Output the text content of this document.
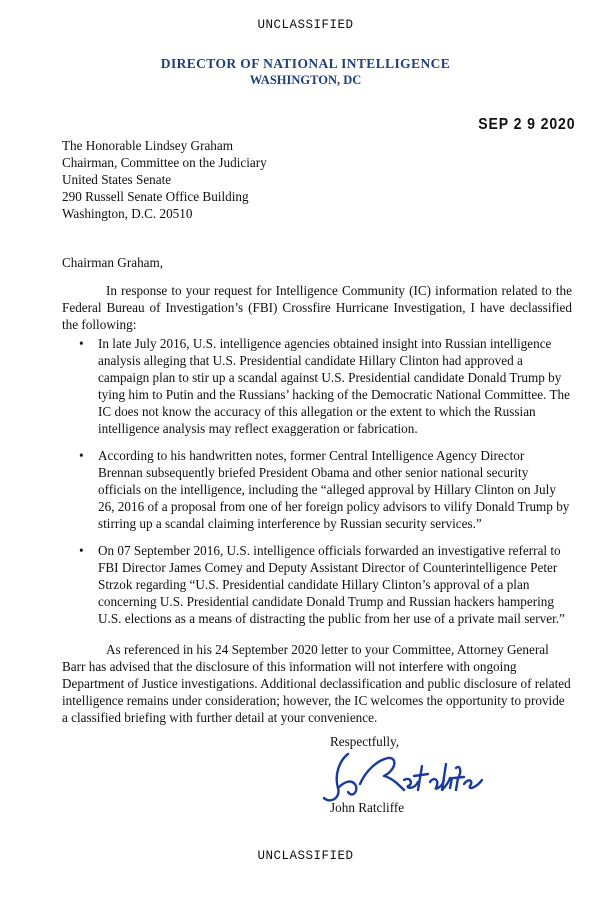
UNCLASSIFIED
DIRECTOR OF NATIONAL INTELLIGENCE
WASHINGTON, DC
SEP 2 9 2020
The Honorable Lindsey Graham
Chairman, Committee on the Judiciary
United States Senate
290 Russell Senate Office Building
Washington, D.C. 20510
Chairman Graham,
In response to your request for Intelligence Community (IC) information related to the Federal Bureau of Investigation’s (FBI) Crossfire Hurricane Investigation, I have declassified the following:
• In late July 2016, U.S. intelligence agencies obtained insight into Russian intelligence analysis alleging that U.S. Presidential candidate Hillary Clinton had approved a campaign plan to stir up a scandal against U.S. Presidential candidate Donald Trump by tying him to Putin and the Russians’ hacking of the Democratic National Committee. The IC does not know the accuracy of this allegation or the extent to which the Russian intelligence analysis may reflect exaggeration or fabrication.
• According to his handwritten notes, former Central Intelligence Agency Director Brennan subsequently briefed President Obama and other senior national security officials on the intelligence, including the “alleged approval by Hillary Clinton on July 26, 2016 of a proposal from one of her foreign policy advisors to vilify Donald Trump by stirring up a scandal claiming interference by Russian security services.”
• On 07 September 2016, U.S. intelligence officials forwarded an investigative referral to FBI Director James Comey and Deputy Assistant Director of Counterintelligence Peter Strzok regarding “U.S. Presidential candidate Hillary Clinton’s approval of a plan concerning U.S. Presidential candidate Donald Trump and Russian hackers hampering U.S. elections as a means of distracting the public from her use of a private mail server.”
As referenced in his 24 September 2020 letter to your Committee, Attorney General Barr has advised that the disclosure of this information will not interfere with ongoing Department of Justice investigations. Additional declassification and public disclosure of related intelligence remains under consideration; however, the IC welcomes the opportunity to provide a classified briefing with further detail at your convenience.
Respectfully,
John Ratcliffe
UNCLASSIFIED
